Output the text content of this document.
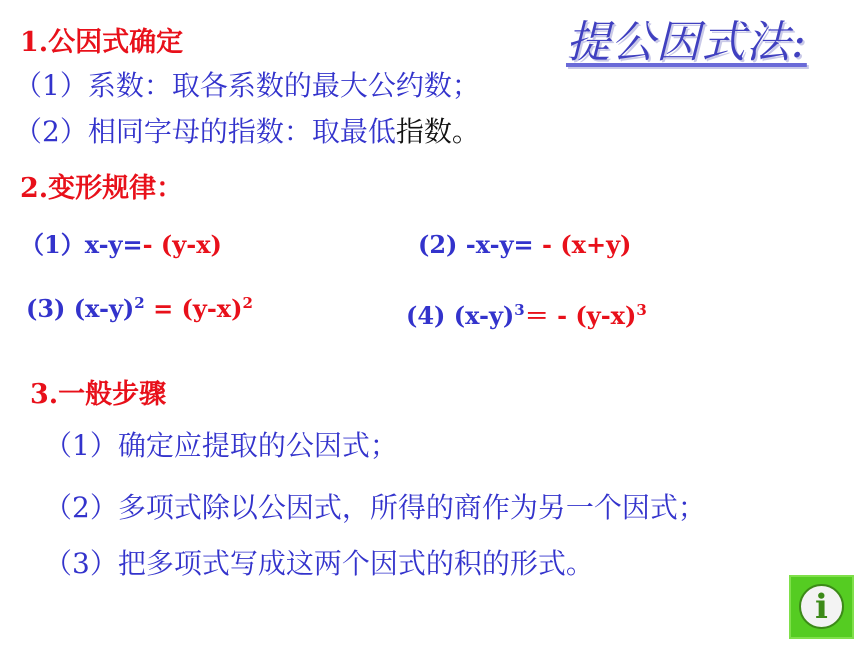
提公因式法:
1.公因式确定
（1）系数：取各系数的最大公约数；
（2）相同字母的指数：取最低指数。
2.变形规律：
（1）x-y=- (y-x)	(2) -x-y= - (x+y)
(3) $(x-y)^2 = (y-x)^2$	(4) $(x-y)^3= - (y-x)^3$
3.一般步骤
（1）确定应提取的公因式；
（2）多项式除以公因式，所得的商作为另一个因式；
（3）把多项式写成这两个因式的积的形式。
i
